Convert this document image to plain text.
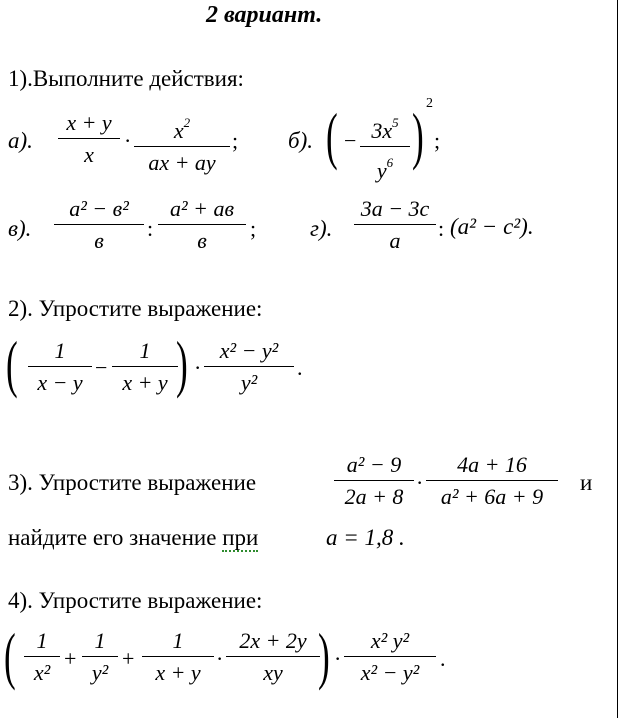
2 вариант.
1).Выполните действия:
а).
x + y
x
·	$x^2$
ax + ay
; б). ( − $3x^5$
$y^6$ ) 2
;
в).
a² − в²
в	:
a² + ав
в	; г).
3a − 3c
a	: (a² − c²).
2). Упростите выражение:
(	1
x − y
−
1
x + y ) ·
x² − y²
y²
.
3). Упростите выражение
a² − 9
2a + 8
·
4a + 16
a² + 6a + 9
и
найдите его значение при	a = 1,8 .
4). Упростите выражение:
( 1
x²
+
1
y²
+
1
x + y
·
2x + 2y
xy ) ·
x² y²
x² − y²
.
